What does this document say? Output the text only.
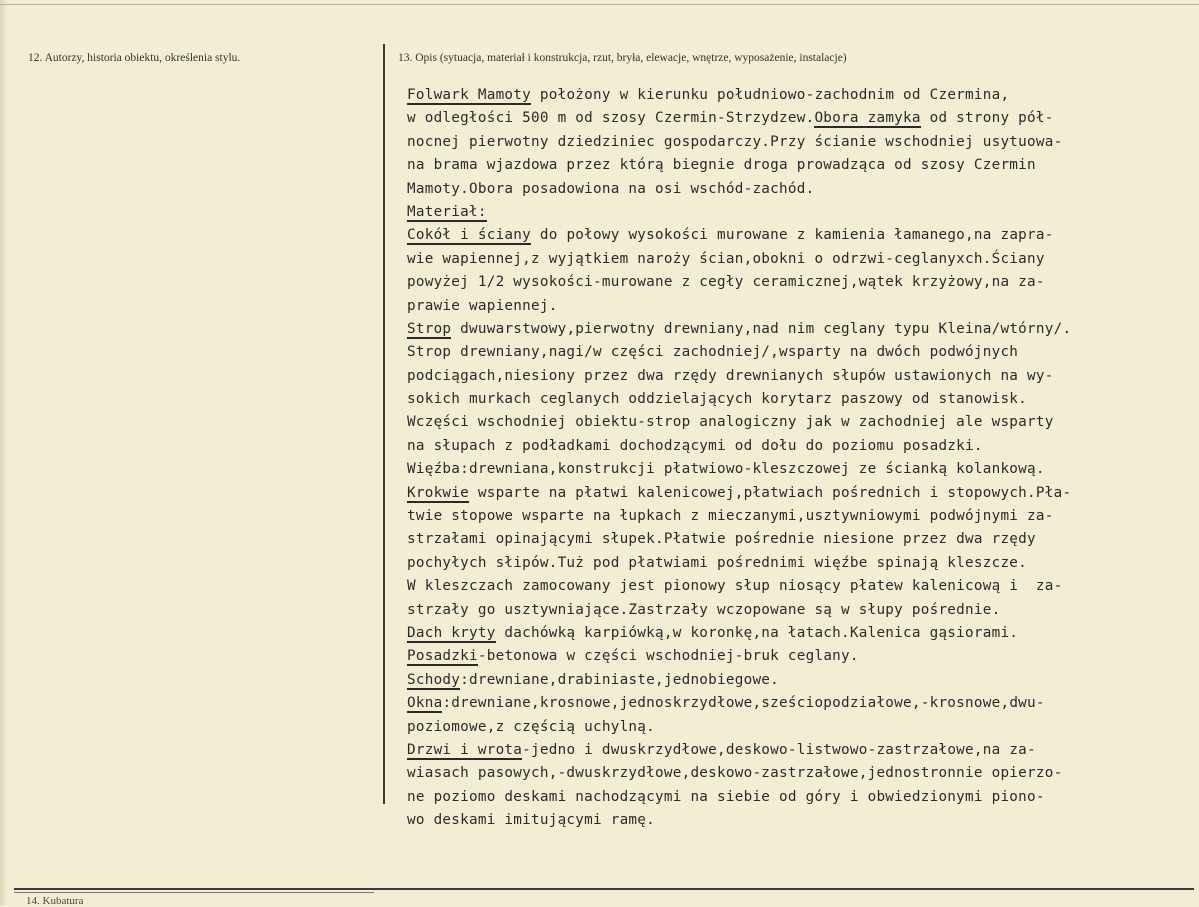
12. Autorzy, historia obiektu, określenia stylu.	13. Opis (sytuacja, materiał i konstrukcja, rzut, bryła, elewacje, wnętrze, wyposażenie, instalacje)
Folwark Mamoty położony w kierunku południowo-zachodnim od Czermina,
w odległości 500 m od szosy Czermin-Strzydzew.Obora zamyka od strony pół-
nocnej pierwotny dziedziniec gospodarczy.Przy ścianie wschodniej usytuowa-
na brama wjazdowa przez którą biegnie droga prowadząca od szosy Czermin
Mamoty.Obora posadowiona na osi wschód-zachód.
Materiał:
Cokół i ściany do połowy wysokości murowane z kamienia łamanego,na zapra-
wie wapiennej,z wyjątkiem naroży ścian,obokni o odrzwi-ceglanyxch.Ściany
powyżej 1/2 wysokości-murowane z cegły ceramicznej,wątek krzyżowy,na za-
prawie wapiennej.
Strop dwuwarstwowy,pierwotny drewniany,nad nim ceglany typu Kleina/wtórny/.
Strop drewniany,nagi/w części zachodniej/,wsparty na dwóch podwójnych
podciągach,niesiony przez dwa rzędy drewnianych słupów ustawionych na wy-
sokich murkach ceglanych oddzielających korytarz paszowy od stanowisk.
Wczęści wschodniej obiektu-strop analogiczny jak w zachodniej ale wsparty
na słupach z podładkami dochodzącymi od dołu do poziomu posadzki.
Więźba:drewniana,konstrukcji płatwiowo-kleszczowej ze ścianką kolankową.
Krokwie wsparte na płatwi kalenicowej,płatwiach pośrednich i stopowych.Pła-
twie stopowe wsparte na łupkach z mieczanymi,usztywniowymi podwójnymi za-
strzałami opinającymi słupek.Płatwie pośrednie niesione przez dwa rzędy
pochyłych słipów.Tuż pod płatwiami pośrednimi więźbe spinają kleszcze.
W kleszczach zamocowany jest pionowy słup niosący płatew kalenicową i  za-
strzały go usztywniające.Zastrzały wczopowane są w słupy pośrednie.
Dach kryty dachówką karpiówką,w koronkę,na łatach.Kalenica gąsiorami.
Posadzki-betonowa w części wschodniej-bruk ceglany.
Schody:drewniane,drabiniaste,jednobiegowe.
Okna:drewniane,krosnowe,jednoskrzydłowe,sześciopodziałowe,-krosnowe,dwu-
poziomowe,z częścią uchylną.
Drzwi i wrota-jedno i dwuskrzydłowe,deskowo-listwowo-zastrzałowe,na za-
wiasach pasowych,-dwuskrzydłowe,deskowo-zastrzałowe,jednostronnie opierzo-
ne poziomo deskami nachodzącymi na siebie od góry i obwiedzionymi piono-
wo deskami imitującymi ramę.
14. Kubatura
